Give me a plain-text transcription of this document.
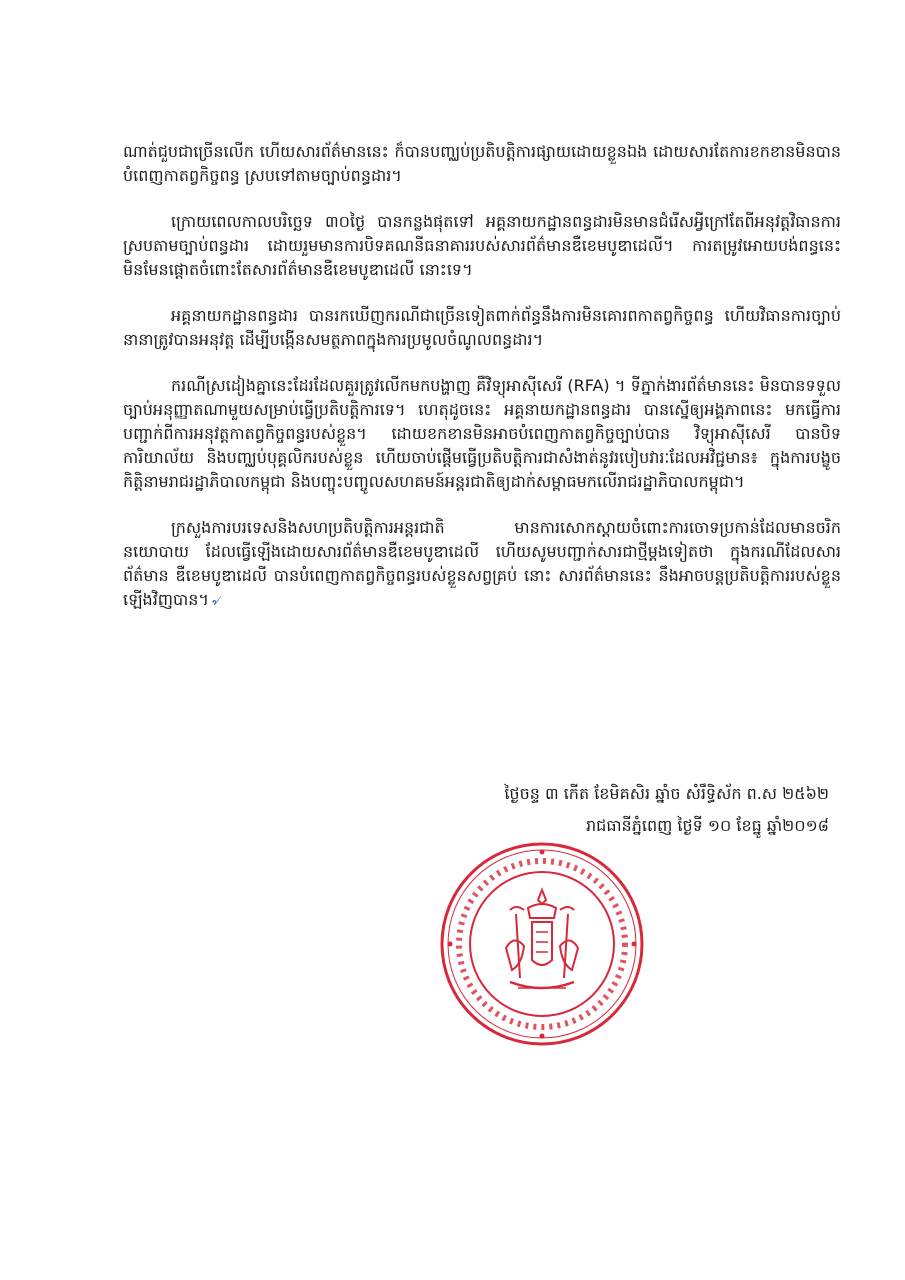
ណាត់ជួបជាច្រើនលើក ហើយសារព័ត៌មាននេះ ក៏បានបញ្ឈប់ប្រតិបត្តិការផ្សាយដោយខ្លួនឯង ដោយសារតែការខកខានមិនបានបំពេញកាតព្វកិច្ចពន្ធ ស្របទៅតាមច្បាប់ពន្ធដារ។

ក្រោយពេលកាលបរិច្ឆេទ ៣០ថ្ងៃ បានកន្លងផុតទៅ អគ្គនាយកដ្ឋានពន្ធដារមិនមានជំរើសអ្វីក្រៅតែពីអនុវត្តវិធានការស្របតាមច្បាប់ពន្ធដារ ដោយរួមមានការបិទគណនីធនាគាររបស់សារព័ត៌មានឌឺខេមបូឌាដេលី។ ការតម្រូវអោយបង់ពន្ធនេះ មិនមែនផ្តោតចំពោះតែសារព័ត៌មានឌឺខេមបូឌាដេលី នោះទេ។

អគ្គនាយកដ្ឋានពន្ធដារ បានរកឃើញករណីជាច្រើនទៀតពាក់ព័ន្ធនឹងការមិនគោរពកាតព្វកិច្ចពន្ធ ហើយវិធានការច្បាប់នានាត្រូវបានអនុវត្ត ដើម្បីបង្កើនសមត្ថភាពក្នុងការប្រមូលចំណូលពន្ធដារ។

ករណីស្រដៀងគ្នានេះដែរដែលគួរត្រូវលើកមកបង្ហាញ គឺវិទ្យុអាស៊ីសេរី (RFA) ។ ទីភ្នាក់ងារព័ត៌មាននេះ មិនបានទទួលច្បាប់អនុញ្ញាតណាមួយសម្រាប់ធ្វើប្រតិបត្តិការទេ។ ហេតុដូចនេះ អគ្គនាយកដ្ឋានពន្ធដារ បានស្នើឲ្យអង្គភាពនេះ មកធ្វើការបញ្ជាក់ពីការអនុវត្តកាតព្វកិច្ចពន្ធរបស់ខ្លួន។ ដោយខកខានមិនអាចបំពេញកាតព្វកិច្ចច្បាប់បាន វិទ្យុអាស៊ីសេរី បានបិទការិយាល័យ និងបញ្ឈប់បុគ្គលិករបស់ខ្លួន ហើយចាប់ផ្តើមធ្វើប្រតិបត្តិការជាសំងាត់នូវរបៀបវារៈដែលអវិជ្ជមាន៖ ក្នុងការបង្ខូចកិត្តិនាមរាជរដ្ឋាភិបាលកម្ពុជា និងបញ្ចុះបញ្ចូលសហគមន៍អន្តរជាតិឲ្យដាក់សម្ពាធមកលើរាជរដ្ឋាភិបាលកម្ពុជា។

ក្រសួងការបរទេសនិងសហប្រតិបត្តិការអន្តរជាតិ មានការសោកស្តាយចំពោះការចោទប្រកាន់ដែលមានចរិកនយោបាយ ដែលធ្វើឡើងដោយសារព័ត៌មានឌឺខេមបូឌាដេលី ហើយសូមបញ្ជាក់សារជាថ្មីម្តងទៀតថា ក្នុងករណីដែលសារព័ត៌មាន ឌឺខេមបូឌាដេលី បានបំពេញកាតព្វកិច្ចពន្ធរបស់ខ្លួនសព្វគ្រប់ នោះ សារព័ត៌មាននេះ នឹងអាចបន្តប្រតិបត្តិការរបស់ខ្លួនឡើងវិញបាន។ ৵

ថ្ងៃចន្ទ ៣ កើត ខែមិគសិរ ឆ្នាំច សំរឹទ្ធិស័ក ព.ស ២៥៦២
រាជធានីភ្នំពេញ ថ្ងៃទី ១០ ខែធ្នូ ឆ្នាំ២០១៨
